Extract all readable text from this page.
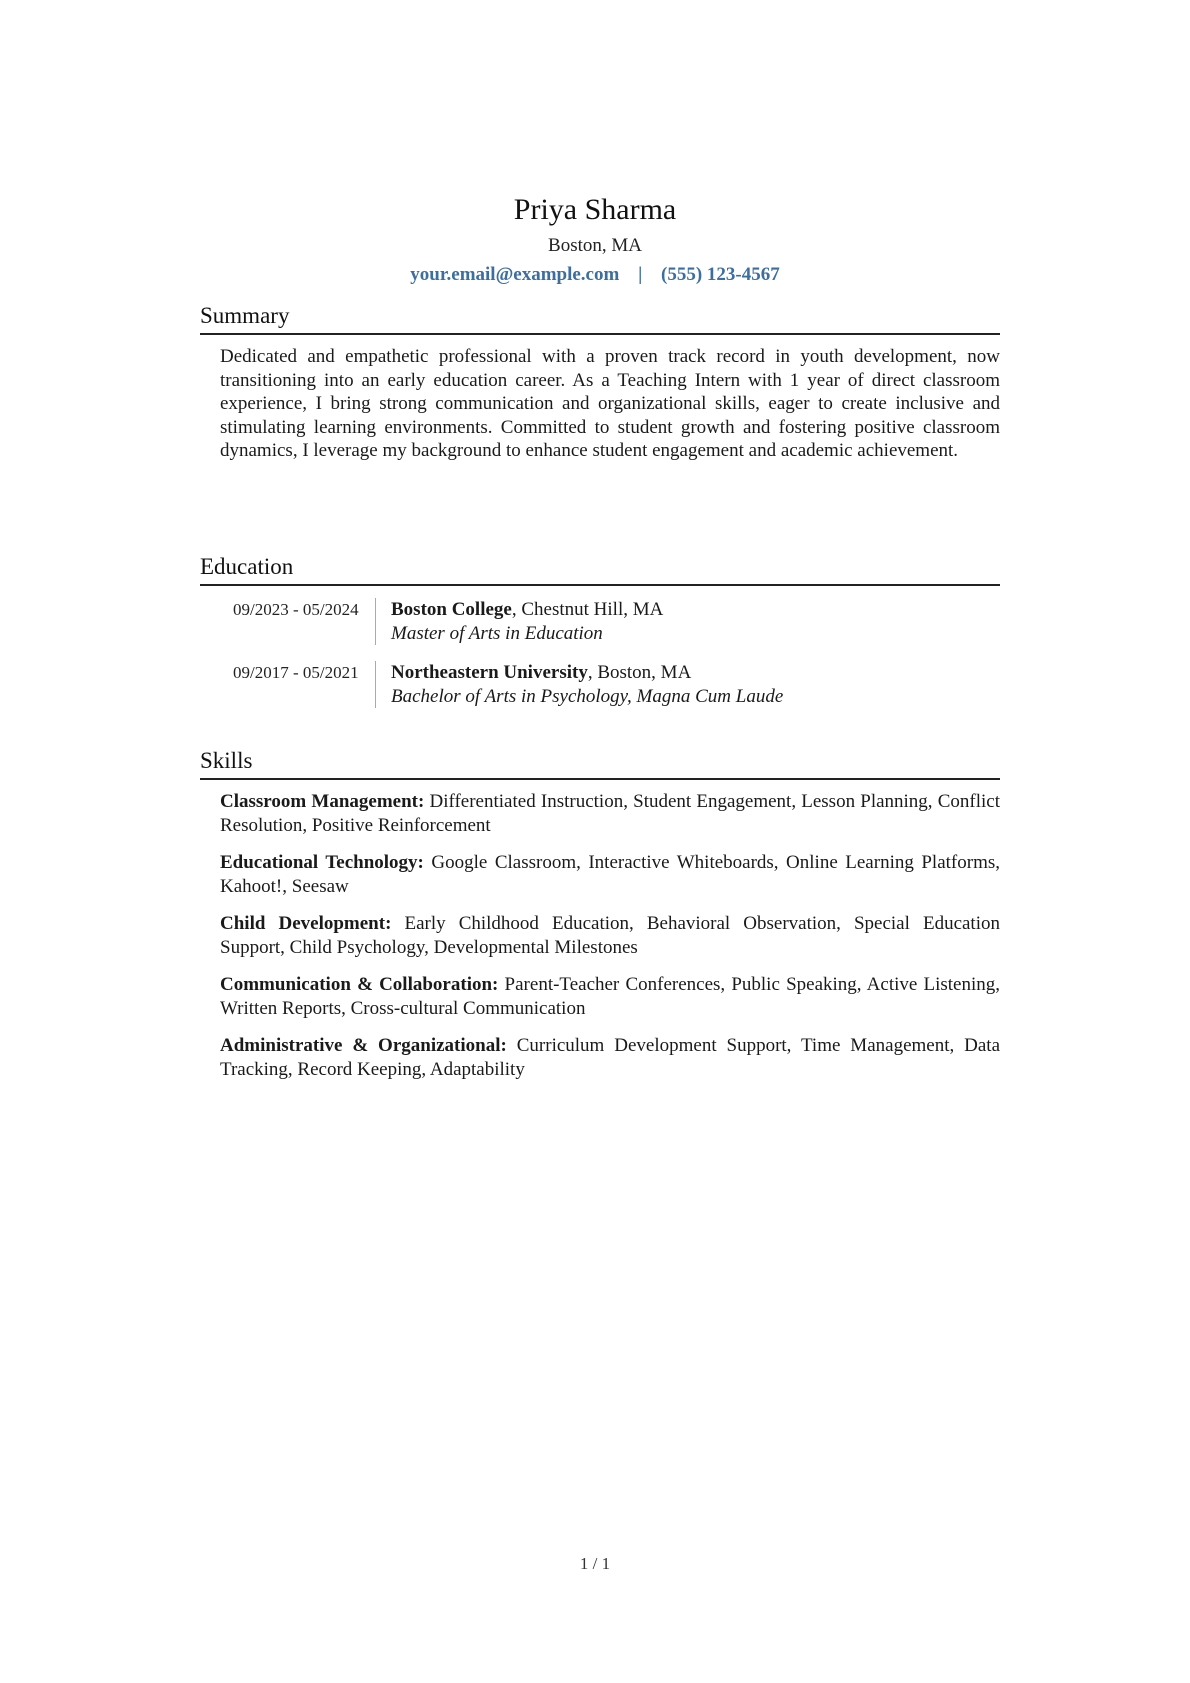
Priya Sharma
Boston, MA
your.email@example.com | (555) 123-4567
Summary
Dedicated and empathetic professional with a proven track record in youth development, now transitioning into an early education career. As a Teaching Intern with 1 year of direct classroom experience, I bring strong communication and organizational skills, eager to create inclusive and stimulating learning environments. Committed to student growth and fostering positive classroom dynamics, I leverage my background to enhance student engagement and academic achievement.
Education
09/2023 - 05/2024	Boston College, Chestnut Hill, MA
Master of Arts in Education
09/2017 - 05/2021	Northeastern University, Boston, MA
Bachelor of Arts in Psychology, Magna Cum Laude
Skills
Classroom Management: Differentiated Instruction, Student Engagement, Lesson Planning, Conflict Resolution, Positive Reinforcement
Educational Technology: Google Classroom, Interactive Whiteboards, Online Learning Platforms, Kahoot!, Seesaw
Child Development: Early Childhood Education, Behavioral Observation, Special Education Support, Child Psychology, Developmental Milestones
Communication & Collaboration: Parent-Teacher Conferences, Public Speaking, Active Listening, Written Reports, Cross-cultural Communication
Administrative & Organizational: Curriculum Development Support, Time Management, Data Tracking, Record Keeping, Adaptability
1 / 1
